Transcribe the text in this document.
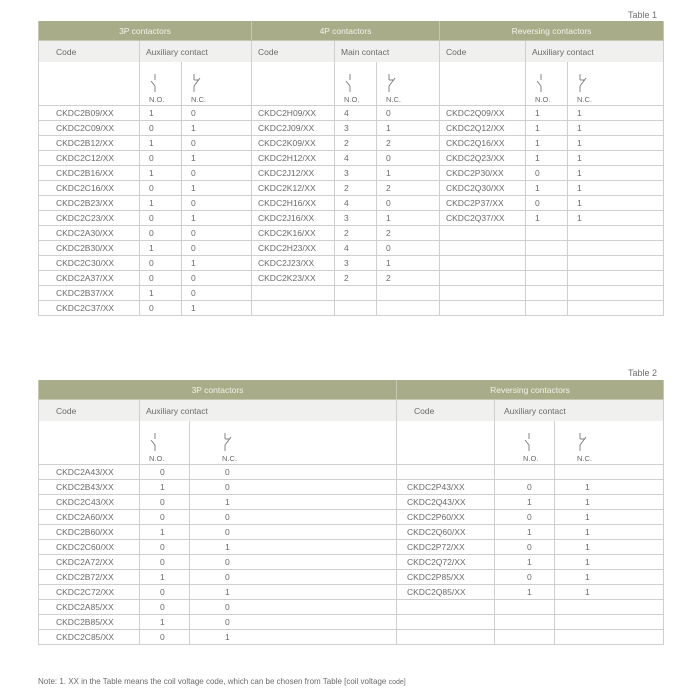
Table 1
3P contactors			4P contactors			Reversing contactors		
Code	Auxiliary contact		Code	Main contact		Code	Auxiliary contact	

	N.O.	N.C.		N.O.	N.C.		N.O.	N.C.

CKDC2B09/XX	1	0	CKDC2H09/XX	4	0	CKDC2Q09/XX	1	1
CKDC2C09/XX	0	1	CKDC2J09/XX	3	1	CKDC2Q12/XX	1	1
CKDC2B12/XX	1	0	CKDC2K09/XX	2	2	CKDC2Q16/XX	1	1
CKDC2C12/XX	0	1	CKDC2H12/XX	4	0	CKDC2Q23/XX	1	1
CKDC2B16/XX	1	0	CKDC2J12/XX	3	1	CKDC2P30/XX	0	1
CKDC2C16/XX	0	1	CKDC2K12/XX	2	2	CKDC2Q30/XX	1	1
CKDC2B23/XX	1	0	CKDC2H16/XX	4	0	CKDC2P37/XX	0	1
CKDC2C23/XX	0	1	CKDC2J16/XX	3	1	CKDC2Q37/XX	1	1
CKDC2A30/XX	0	0	CKDC2K16/XX	2	2			
CKDC2B30/XX	1	0	CKDC2H23/XX	4	0			
CKDC2C30/XX	0	1	CKDC2J23/XX	3	1			
CKDC2A37/XX	0	0	CKDC2K23/XX	2	2			
CKDC2B37/XX	1	0						
CKDC2C37/XX	0	1						
Table 2
3P contactors			Reversing contactors		
Code	Auxiliary contact		Code	Auxiliary contact	

	N.O.	N.C.		N.O.	N.C.

CKDC2A43/XX	0	0			
CKDC2B43/XX	1	0	CKDC2P43/XX	0	1
CKDC2C43/XX	0	1	CKDC2Q43/XX	1	1
CKDC2A60/XX	0	0	CKDC2P60/XX	0	1
CKDC2B60/XX	1	0	CKDC2Q60/XX	1	1
CKDC2C60/XX	0	1	CKDC2P72/XX	0	1
CKDC2A72/XX	0	0	CKDC2Q72/XX	1	1
CKDC2B72/XX	1	0	CKDC2P85/XX	0	1
CKDC2C72/XX	0	1	CKDC2Q85/XX	1	1
CKDC2A85/XX	0	0			
CKDC2B85/XX	1	0			
CKDC2C85/XX	0	1			
Note: 1. XX in the Table means the coil voltage code, which can be chosen from Table [coil voltage code]
